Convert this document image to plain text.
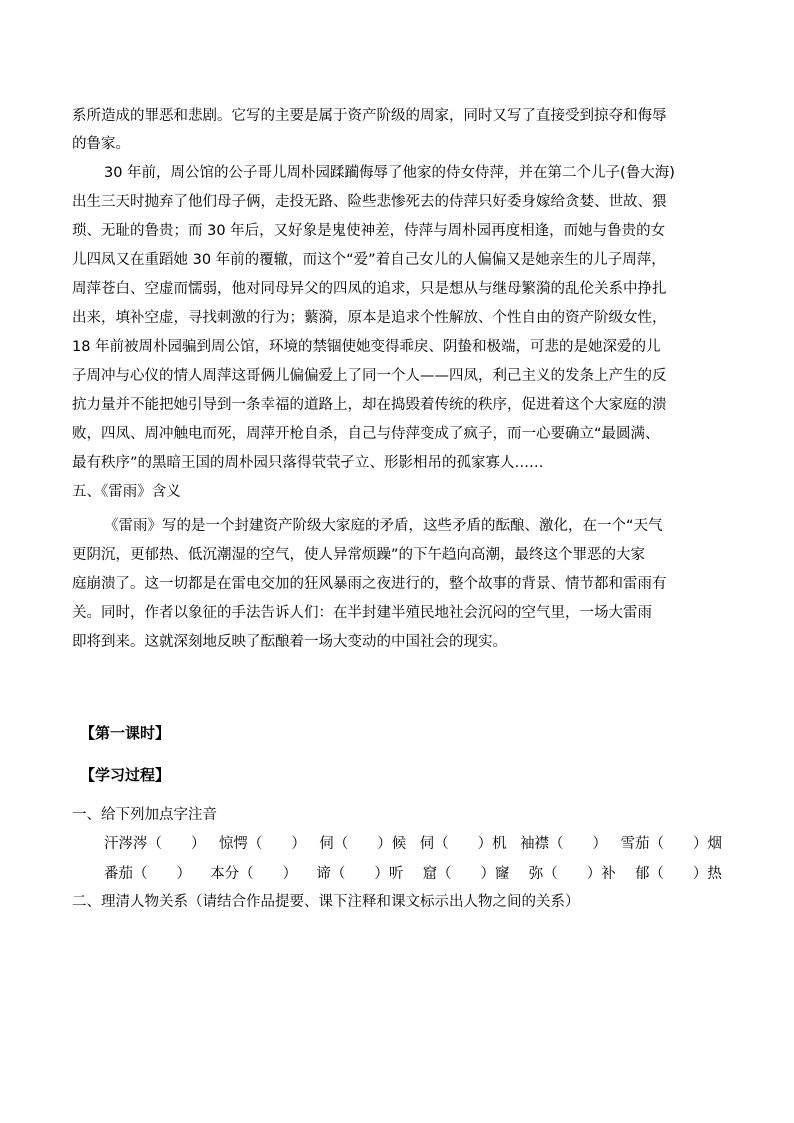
系所造成的罪恶和悲剧。它写的主要是属于资产阶级的周家，同时又写了直接受到掠夺和侮辱
的鲁家。
30 年前，周公馆的公子哥儿周朴园蹂躏侮辱了他家的侍女侍萍，并在第二个儿子(鲁大海)
出生三天时抛弃了他们母子俩，走投无路、险些悲惨死去的侍萍只好委身嫁给贪婪、世故、猥
琐、无耻的鲁贵；而 30 年后，又好象是鬼使神差，侍萍与周朴园再度相逢，而她与鲁贵的女
儿四凤又在重蹈她 30 年前的覆辙，而这个“爱”着自己女儿的人偏偏又是她亲生的儿子周萍，
周萍苍白、空虚而懦弱，他对同母异父的四凤的追求，只是想从与继母繁漪的乱伦关系中挣扎
出来，填补空虚，寻找刺激的行为；蘩漪，原本是追求个性解放、个性自由的资产阶级女性，
18 年前被周朴园骗到周公馆，环境的禁锢使她变得乖戾、阴蛰和极端，可悲的是她深爱的儿
子周冲与心仪的情人周萍这哥俩儿偏偏爱上了同一个人——四凤，利己主义的发条上产生的反
抗力量并不能把她引导到一条幸福的道路上，却在捣毁着传统的秩序，促进着这个大家庭的溃
败，四凤、周冲触电而死，周萍开枪自杀，自己与侍萍变成了疯子，而一心要确立“最圆满、
最有秩序”的黑暗王国的周朴园只落得茕茕孑立、形影相吊的孤家寡人……
五、《雷雨》含义
《雷雨》写的是一个封建资产阶级大家庭的矛盾，这些矛盾的酝酿、激化，在一个“天气
更阴沉，更郁热、低沉潮湿的空气，使人异常烦躁”的下午趋向高潮，最终这个罪恶的大家
庭崩溃了。这一切都是在雷电交加的狂风暴雨之夜进行的，整个故事的背景、情节都和雷雨有
关。同时，作者以象征的手法告诉人们：在半封建半殖民地社会沉闷的空气里，一场大雷雨
即将到来。这就深刻地反映了酝酿着一场大变动的中国社会的现实。
【第一课时】
【学习过程】
一、给下列加点字注音
汗涔涔（　　） 惊愕（　　） 伺（　　）候 伺（　　）机 袖襟（　　） 雪茄（　　）烟
番茄（　　） 本分（　　） 谛（　　）听 窟（　　）窿 弥（　　）补 郁（　　）热
二、理清人物关系（请结合作品提要、课下注释和课文标示出人物之间的关系）
